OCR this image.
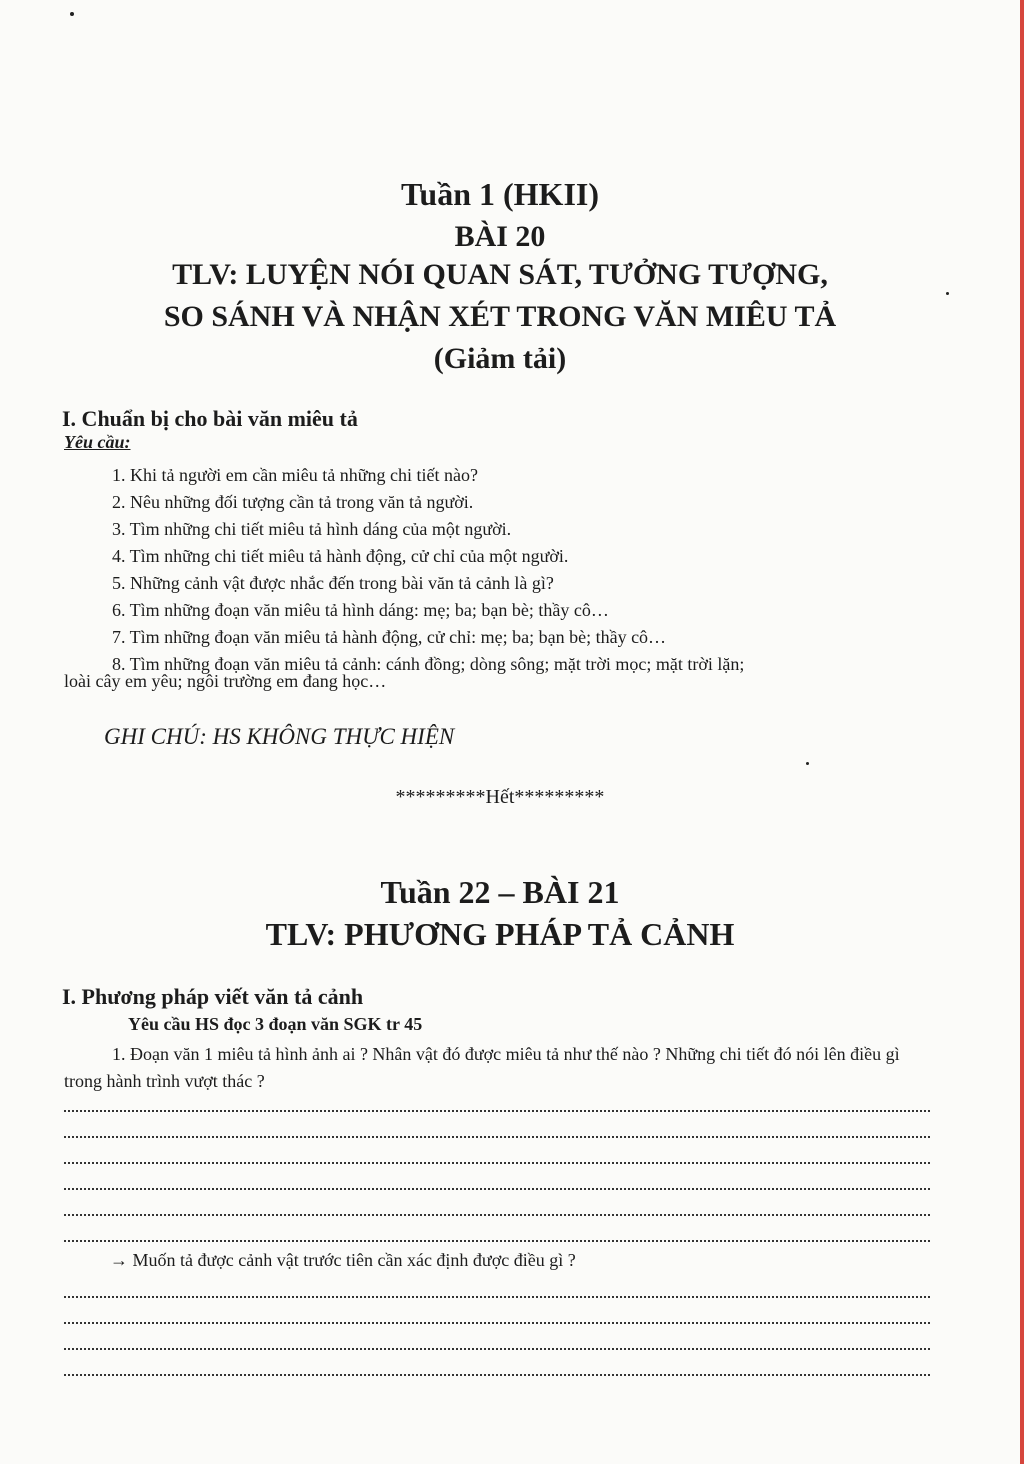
Tuần 1 (HKII)
BÀI 20
TLV: LUYỆN NÓI QUAN SÁT, TƯỞNG TƯỢNG,
SO SÁNH VÀ NHẬN XÉT TRONG VĂN MIÊU TẢ
(Giảm tải)
I. Chuẩn bị cho bài văn miêu tả
Yêu cầu:
1. Khi tả người em cần miêu tả những chi tiết nào?
2. Nêu những đối tượng cần tả trong văn tả người.
3. Tìm những chi tiết miêu tả hình dáng của một người.
4. Tìm những chi tiết miêu tả hành động, cử chỉ của một người.
5. Những cảnh vật được nhắc đến trong bài văn tả cảnh là gì?
6. Tìm những đoạn văn miêu tả hình dáng: mẹ; ba; bạn bè; thầy cô…
7. Tìm những đoạn văn miêu tả hành động, cử chỉ: mẹ; ba; bạn bè; thầy cô…
8. Tìm những đoạn văn miêu tả cảnh: cánh đồng; dòng sông; mặt trời mọc; mặt trời lặn;
loài cây em yêu; ngôi trường em đang học…
GHI CHÚ: HS KHÔNG THỰC HIỆN
*********Hết*********
Tuần 22 – BÀI 21
TLV: PHƯƠNG PHÁP TẢ CẢNH
I. Phương pháp viết văn tả cảnh
Yêu cầu HS đọc 3 đoạn văn SGK tr 45
1. Đoạn văn 1 miêu tả hình ảnh ai ? Nhân vật đó được miêu tả như thế nào ? Những chi tiết đó nói lên điều gì trong hành trình vượt thác ?
→ Muốn tả được cảnh vật trước tiên cần xác định được điều gì ?
